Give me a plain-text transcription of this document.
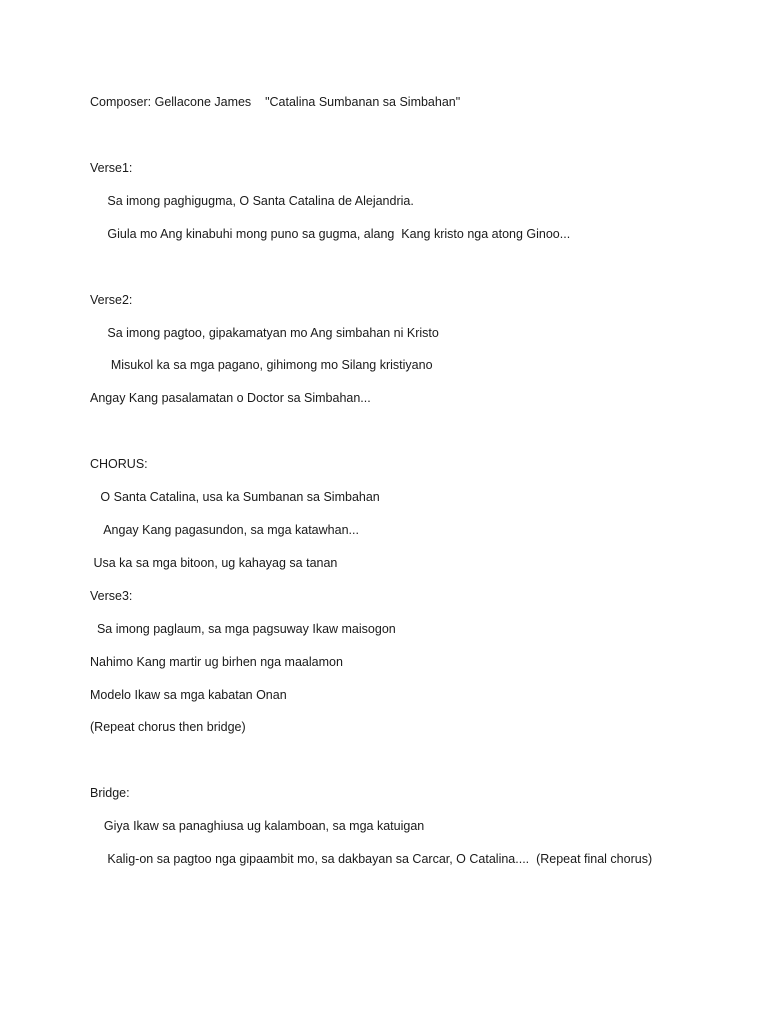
Composer: Gellacone James    "Catalina Sumbanan sa Simbahan"

Verse1:

Sa imong paghigugma, O Santa Catalina de Alejandria.

Giula mo Ang kinabuhi mong puno sa gugma, alang  Kang kristo nga atong Ginoo...

Verse2:

Sa imong pagtoo, gipakamatyan mo Ang simbahan ni Kristo

Misukol ka sa mga pagano, gihimong mo Silang kristiyano

Angay Kang pasalamatan o Doctor sa Simbahan...

CHORUS:

O Santa Catalina, usa ka Sumbanan sa Simbahan

Angay Kang pagasundon, sa mga katawhan...

Usa ka sa mga bitoon, ug kahayag sa tanan

Verse3:

Sa imong paglaum, sa mga pagsuway Ikaw maisogon

Nahimo Kang martir ug birhen nga maalamon

Modelo Ikaw sa mga kabatan Onan

(Repeat chorus then bridge)

Bridge:

Giya Ikaw sa panaghiusa ug kalamboan, sa mga katuigan

Kalig-on sa pagtoo nga gipaambit mo, sa dakbayan sa Carcar, O Catalina....  (Repeat final chorus)
